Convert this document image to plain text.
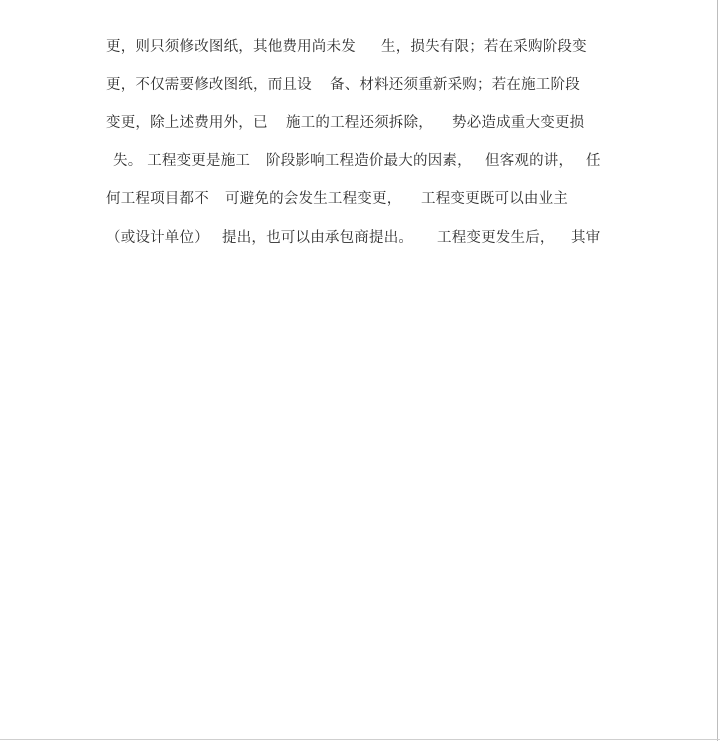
更，则只须修改图纸，其他费用尚未发

生，损失有限；若在采购阶段变

更，不仅需要修改图纸，而且设

备、材料还须重新采购；若在施工阶段

变更，除上述费用外，已

施工的工程还须拆除，

势必造成重大变更损

失。 工程变更是施工

阶段影响工程造价最大的因素，

但客观的讲，

任

何工程项目都不

可避免的会发生工程变更，

工程变更既可以由业主

（或设计单位）

提出，也可以由承包商提出。

工程变更发生后，

其审
